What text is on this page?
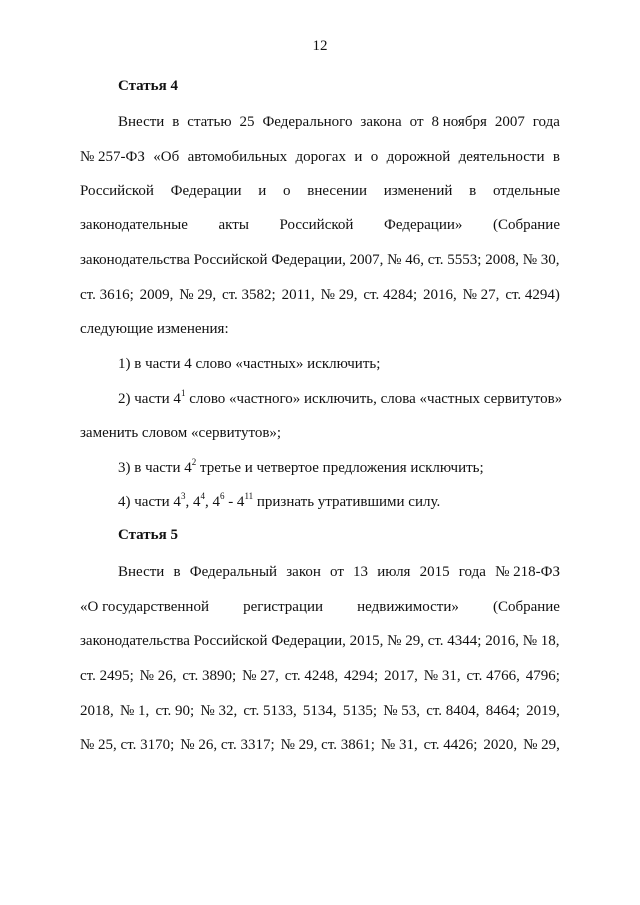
12
Статья 4
Внести в статью 25 Федерального закона от 8 ноября 2007 года
№ 257-ФЗ «Об автомобильных дорогах и о дорожной деятельности в
Российской Федерации и о внесении изменений в отдельные
законодательные акты Российской Федерации» (Собрание
законодательства Российской Федерации, 2007, № 46, ст. 5553; 2008, № 30,
ст. 3616; 2009, № 29, ст. 3582; 2011, № 29, ст. 4284; 2016, № 27, ст. 4294)
следующие изменения:
1) в части 4 слово «частных» исключить;
2) части $4^1$ слово «частного» исключить, слова «частных сервитутов»
заменить словом «сервитутов»;
3) в части $4^2$ третье и четвертое предложения исключить;
4) части $4^3$, $4^4$, $4^6 - 4^{11}$ признать утратившими силу.
Статья 5
Внести в Федеральный закон от 13 июля 2015 года № 218-ФЗ
«О государственной регистрации недвижимости» (Собрание
законодательства Российской Федерации, 2015, № 29, ст. 4344; 2016, № 18,
ст. 2495; № 26, ст. 3890; № 27, ст. 4248, 4294; 2017, № 31, ст. 4766, 4796;
2018, № 1, ст. 90; № 32, ст. 5133, 5134, 5135; № 53, ст. 8404, 8464; 2019,
№ 25, ст. 3170; № 26, ст. 3317; № 29, ст. 3861; № 31, ст. 4426; 2020, № 29,
